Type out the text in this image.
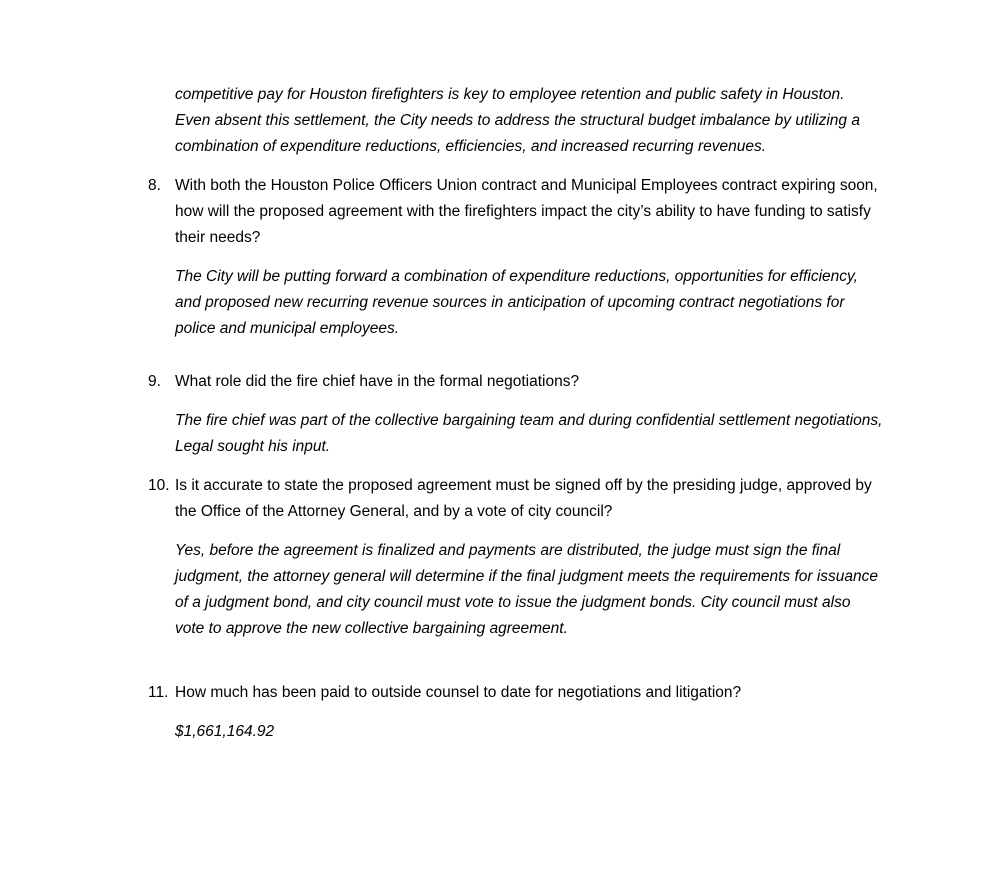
competitive pay for Houston firefighters is key to employee retention and public safety in Houston. Even absent this settlement, the City needs to address the structural budget imbalance by utilizing a combination of expenditure reductions, efficiencies, and increased recurring revenues.

8. With both the Houston Police Officers Union contract and Municipal Employees contract expiring soon, how will the proposed agreement with the firefighters impact the city’s ability to have funding to satisfy their needs?

The City will be putting forward a combination of expenditure reductions, opportunities for efficiency, and proposed new recurring revenue sources in anticipation of upcoming contract negotiations for police and municipal employees.

9. What role did the fire chief have in the formal negotiations?

The fire chief was part of the collective bargaining team and during confidential settlement negotiations, Legal sought his input.

10. Is it accurate to state the proposed agreement must be signed off by the presiding judge, approved by the Office of the Attorney General, and by a vote of city council?

Yes, before the agreement is finalized and payments are distributed, the judge must sign the final judgment, the attorney general will determine if the final judgment meets the requirements for issuance of a judgment bond, and city council must vote to issue the judgment bonds. City council must also vote to approve the new collective bargaining agreement.

11. How much has been paid to outside counsel to date for negotiations and litigation?

$1,661,164.92
